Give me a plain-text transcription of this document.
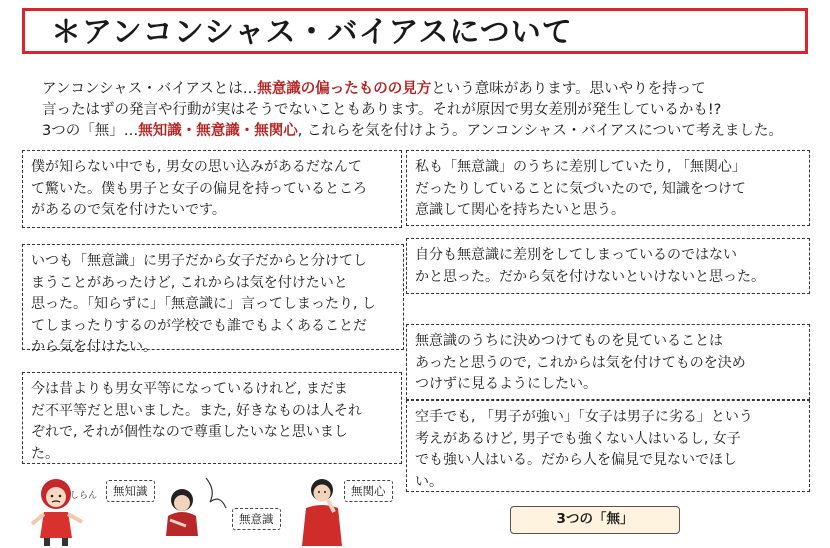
＊アンコンシャス・バイアスについて
アンコンシャス・バイアスとは…無意識の偏ったものの見方という意味があります。思いやりを持って
言ったはずの発言や行動が実はそうでないこともあります。それが原因で男女差別が発生しているかも!?
3つの「無」…無知識・無意識・無関心, これらを気を付けよう。アンコンシャス・バイアスについて考えました。
僕が知らない中でも, 男女の思い込みがあるだなんて
て驚いた。僕も男子と女子の偏見を持っているところ
があるので気を付けたいです。
いつも「無意識」に男子だから女子だからと分けてし
まうことがあったけど, これからは気を付けたいと
思った。「知らずに」「無意識に」言ってしまったり, し
てしまったりするのが学校でも誰でもよくあることだ
から気を付けたい。
今は昔よりも男女平等になっているけれど, まだま
だ不平等だと思いました。また, 好きなものは人それ
ぞれで, それが個性なので尊重したいなと思いまし
た。
私も「無意識」のうちに差別していたり, 「無関心」
だったりしていることに気づいたので, 知識をつけて
意識して関心を持ちたいと思う。
自分も無意識に差別をしてしまっているのではない
かと思った。だから気を付けないといけないと思った。
無意識のうちに決めつけてものを見ていることは
あったと思うので, これからは気を付けてものを決め
つけずに見るようにしたい。
空手でも, 「男子が強い」「女子は男子に劣る」という
考えがあるけど, 男子でも強くない人はいるし, 女子
でも強い人はいる。だから人を偏見で見ないでほし
い。
しらん	無知識
無意識
無関心
3つの「無」
